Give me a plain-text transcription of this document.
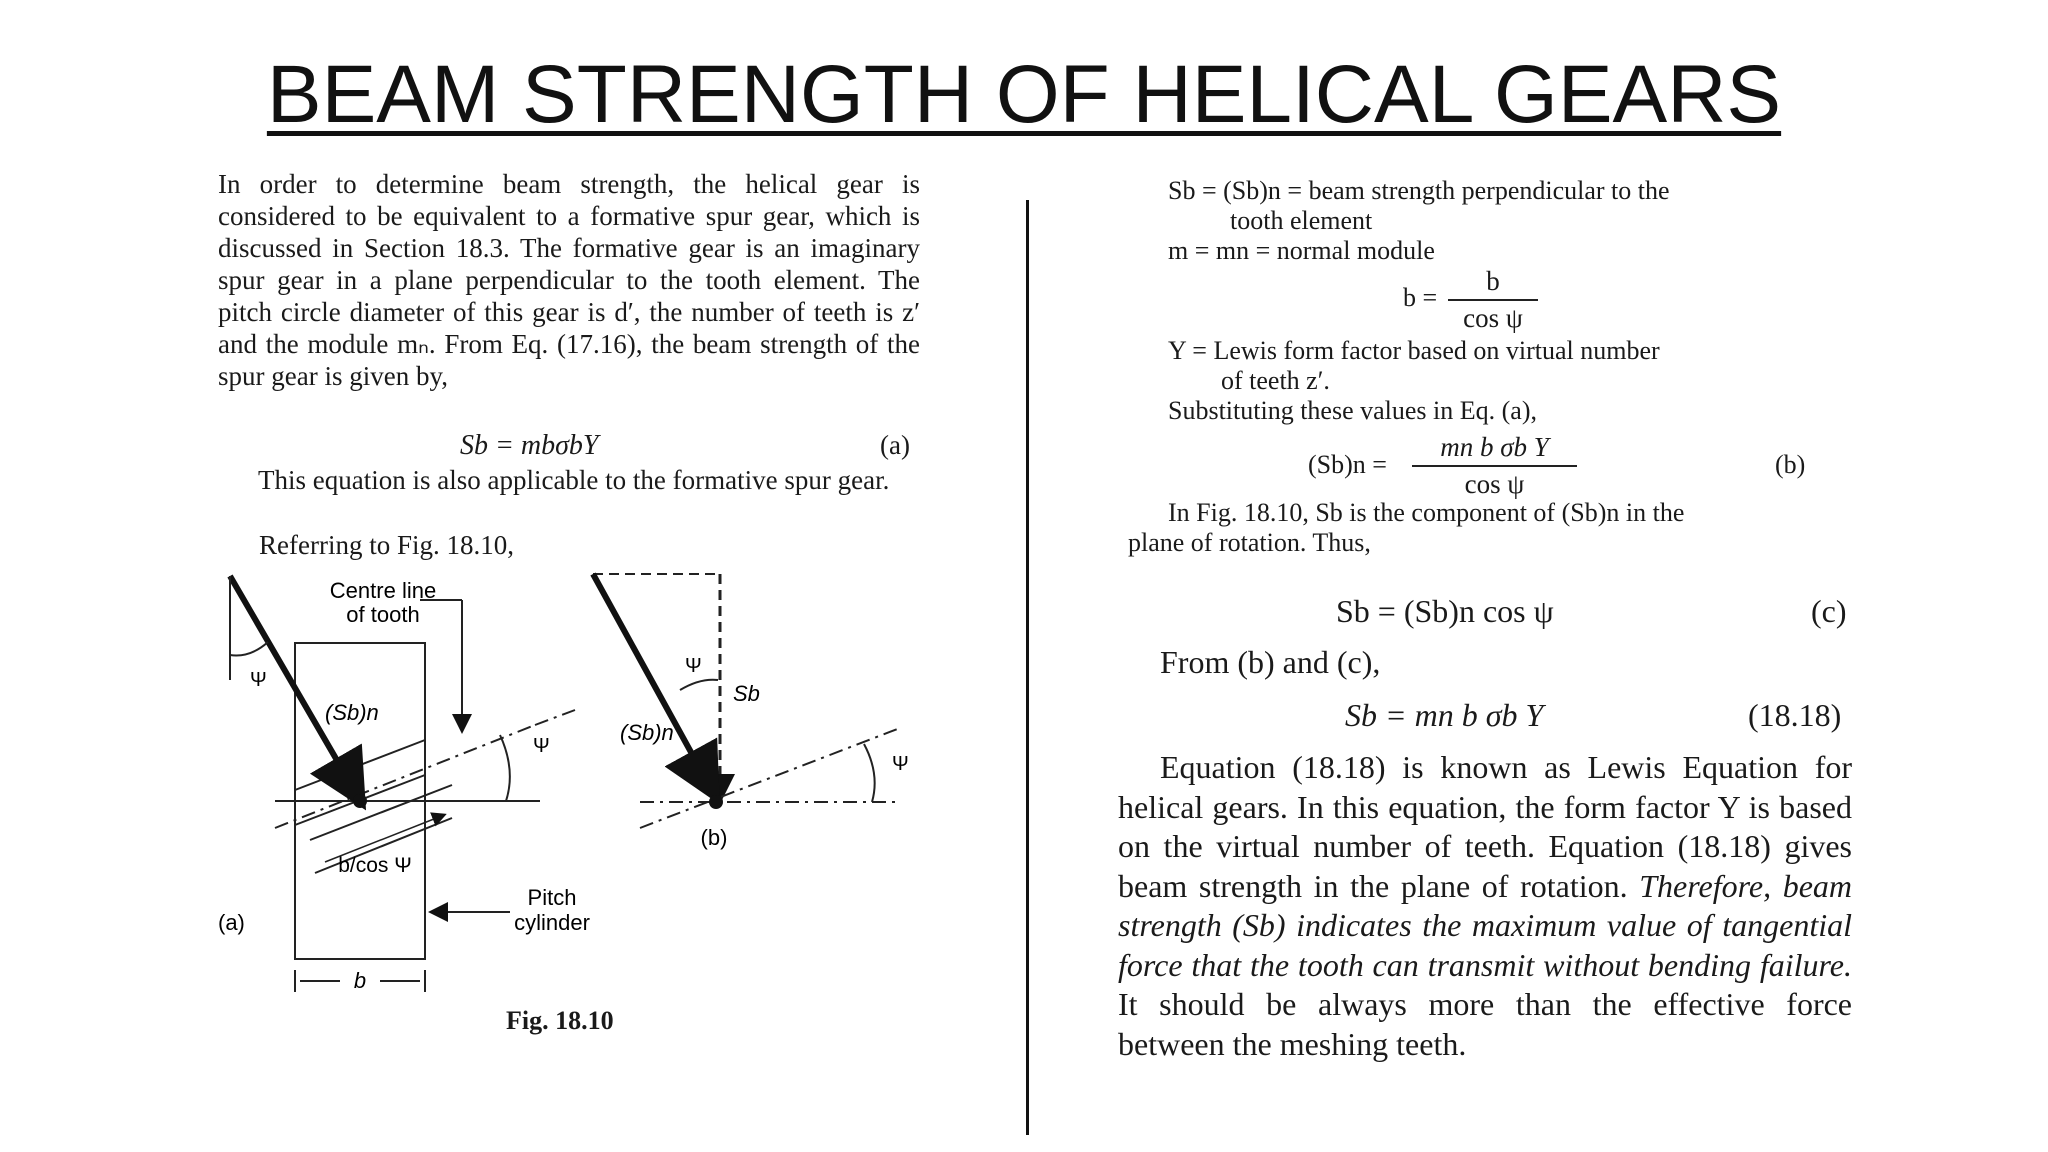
BEAM STRENGTH OF HELICAL GEARS
In order to determine beam strength, the helical gear is considered to be equivalent to a formative spur gear, which is discussed in Section 18.3. The formative gear is an imaginary spur gear in a plane perpendicular to the tooth element. The pitch circle diameter of this gear is d′, the number of teeth is z′ and the module mₙ. From Eq. (17.16), the beam strength of the spur gear is given by,
Sb = mbσbY	(a)
This equation is also applicable to the formative spur gear.
Referring to Fig. 18.10,
Centre line
of tooth
Ψ
(Sb)n
Ψ
b/cos Ψ
Pitch
cylinder
(a)
b
Ψ
Sb
(Sb)n
Ψ
(b)
Fig. 18.10
Sb = (Sb)n = beam strength perpendicular to the
tooth element
m = mn = normal module
$b = \frac{b}{\text{cos ψ}}$
Y = Lewis form factor based on virtual number
of teeth z′.
Substituting these values in Eq. (a),
$(Sb)n = \frac{\text{mn b σb Y}}{\text{cos ψ}}$	(b)
In Fig. 18.10, Sb is the component of (Sb)n in the
plane of rotation. Thus,
Sb = (Sb)n cos ψ	(c)
From (b) and (c),
Sb = mn b σb Y	(18.18)
Equation (18.18) is known as Lewis Equation for helical gears. In this equation, the form factor Y is based on the virtual number of teeth. Equation (18.18) gives beam strength in the plane of rotation. Therefore, beam strength (Sb) indicates the maximum value of tangential force that the tooth can transmit without bending failure. It should be always more than the effective force between the meshing teeth.
